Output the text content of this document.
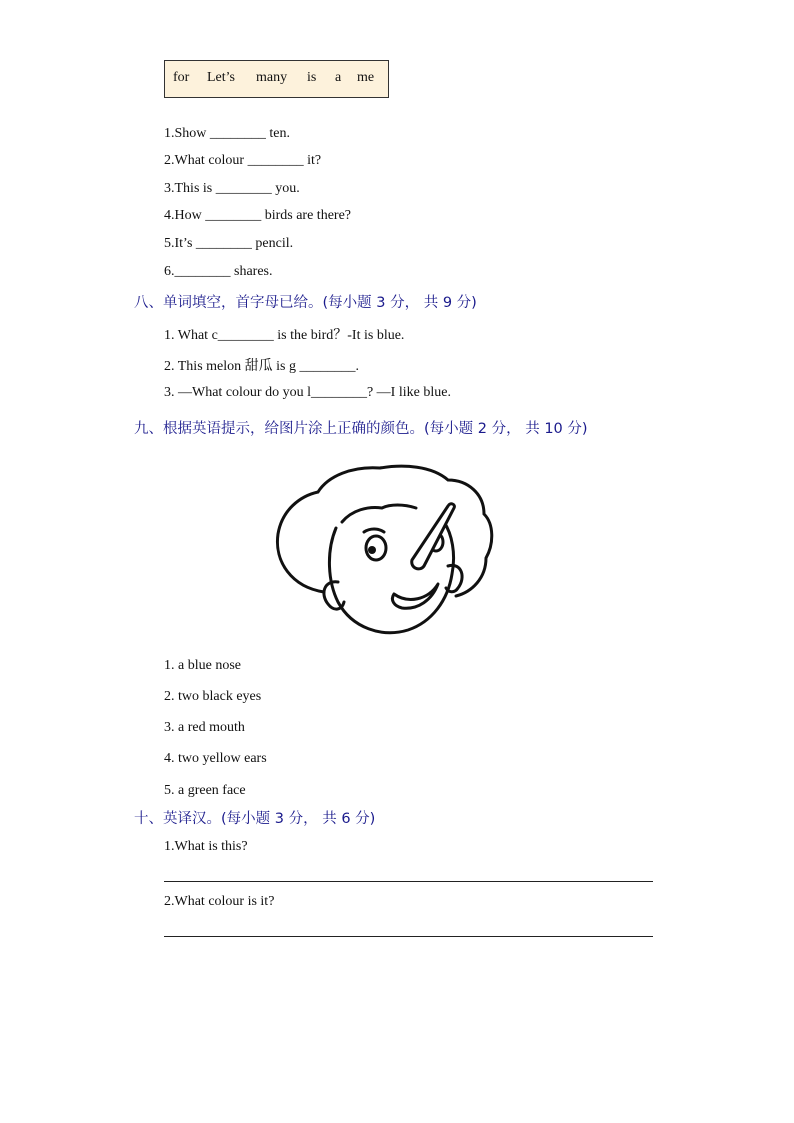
for Let’s many is a me
1.Show ________ ten.
2.What colour ________ it?
3.This is ________ you.
4.How ________ birds are there?
5.It’s ________ pencil.
6.________ shares.
八、单词填空，首字母已给。(每小题 3 分， 共 9 分)
1. What c________ is the bird？-It is blue.
2. This melon 甜瓜 is g ________.
3. —What colour do you l________? —I like blue.
九、根据英语提示，给图片涂上正确的颜色。(每小题 2 分， 共 10 分)
1. a blue nose
2. two black eyes
3. a red mouth
4. two yellow ears
5. a green face
十、英译汉。(每小题 3 分， 共 6 分)
1.What is this?
2.What colour is it?
